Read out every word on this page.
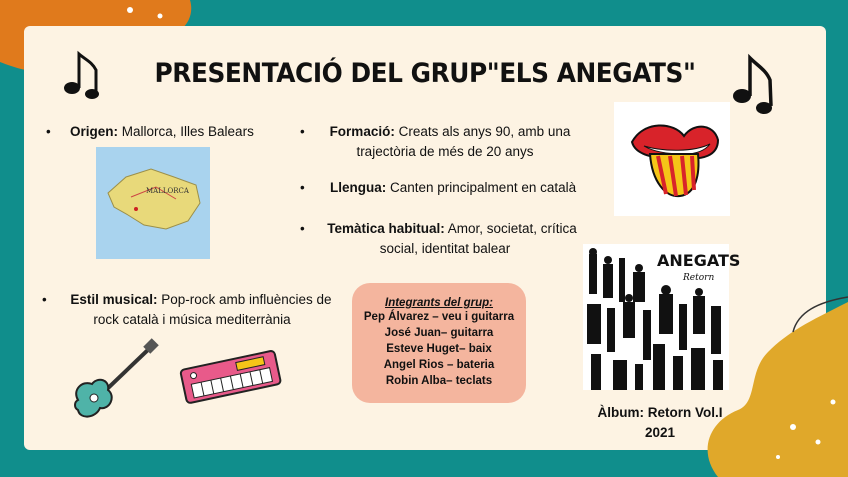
PRESENTACIÓ DEL GRUP"ELS ANEGATS"
• Origen: Mallorca, Illes Balears
MALLORCA
•	Formació: Creats als anys 90, amb una
trajectòria de més de 20 anys
• Llengua: Canten principalment en català
•	Temàtica habitual: Amor, societat, crítica
social, identitat balear
•	Estil musical: Pop-rock amb influències de
rock català i música mediterrània
Integrants del grup:
Pep Álvarez – veu i guitarra
José Juan– guitarra
Esteve Huget– baix
Angel Rios – bateria
Robin Alba– teclats
ANEGATS
Retorn
Àlbum: Retorn Vol.I
2021
